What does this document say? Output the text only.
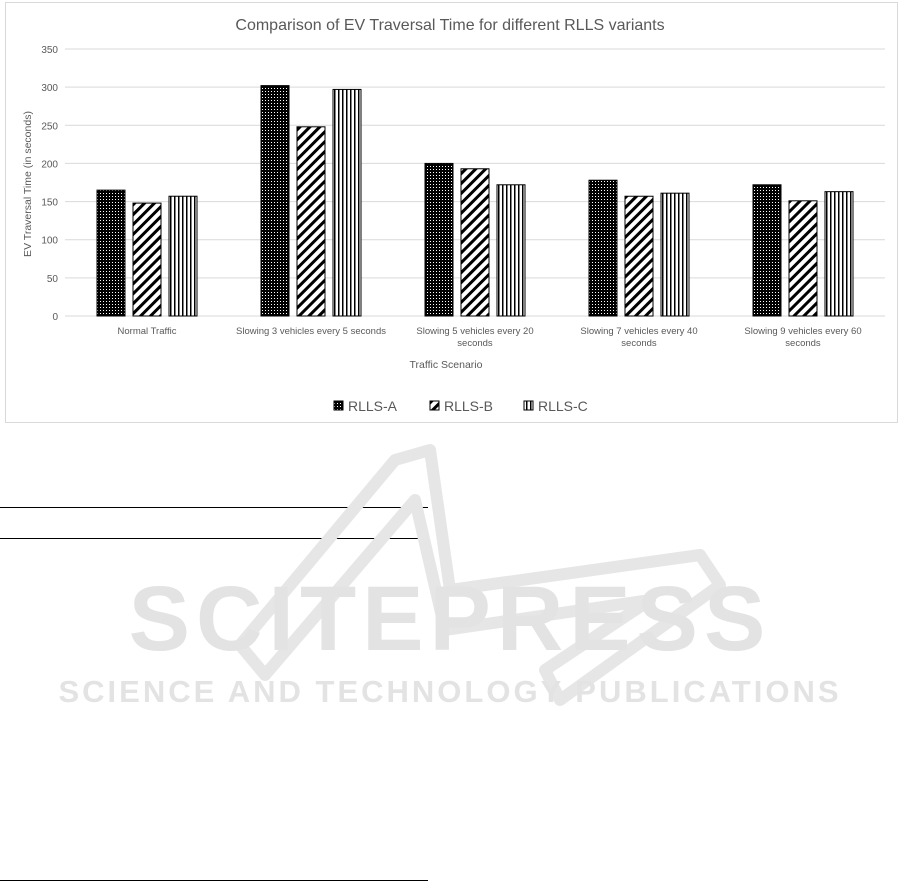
Comparison of EV Traversal Time for different RLLS variants
0
50
100
150
200
250
300
350
Normal Traffic	Slowing 3 vehicles every 5 seconds	Slowing 5 vehicles every 20
seconds
Slowing 7 vehicles every 40
seconds
Slowing 9 vehicles every 60
seconds
Traffic Scenario
EV Traversal Time (in seconds)
RLLS-A	RLLS-B	RLLS-C
SCITEPRESS
SCIENCE AND TECHNOLOGY PUBLICATIONS
